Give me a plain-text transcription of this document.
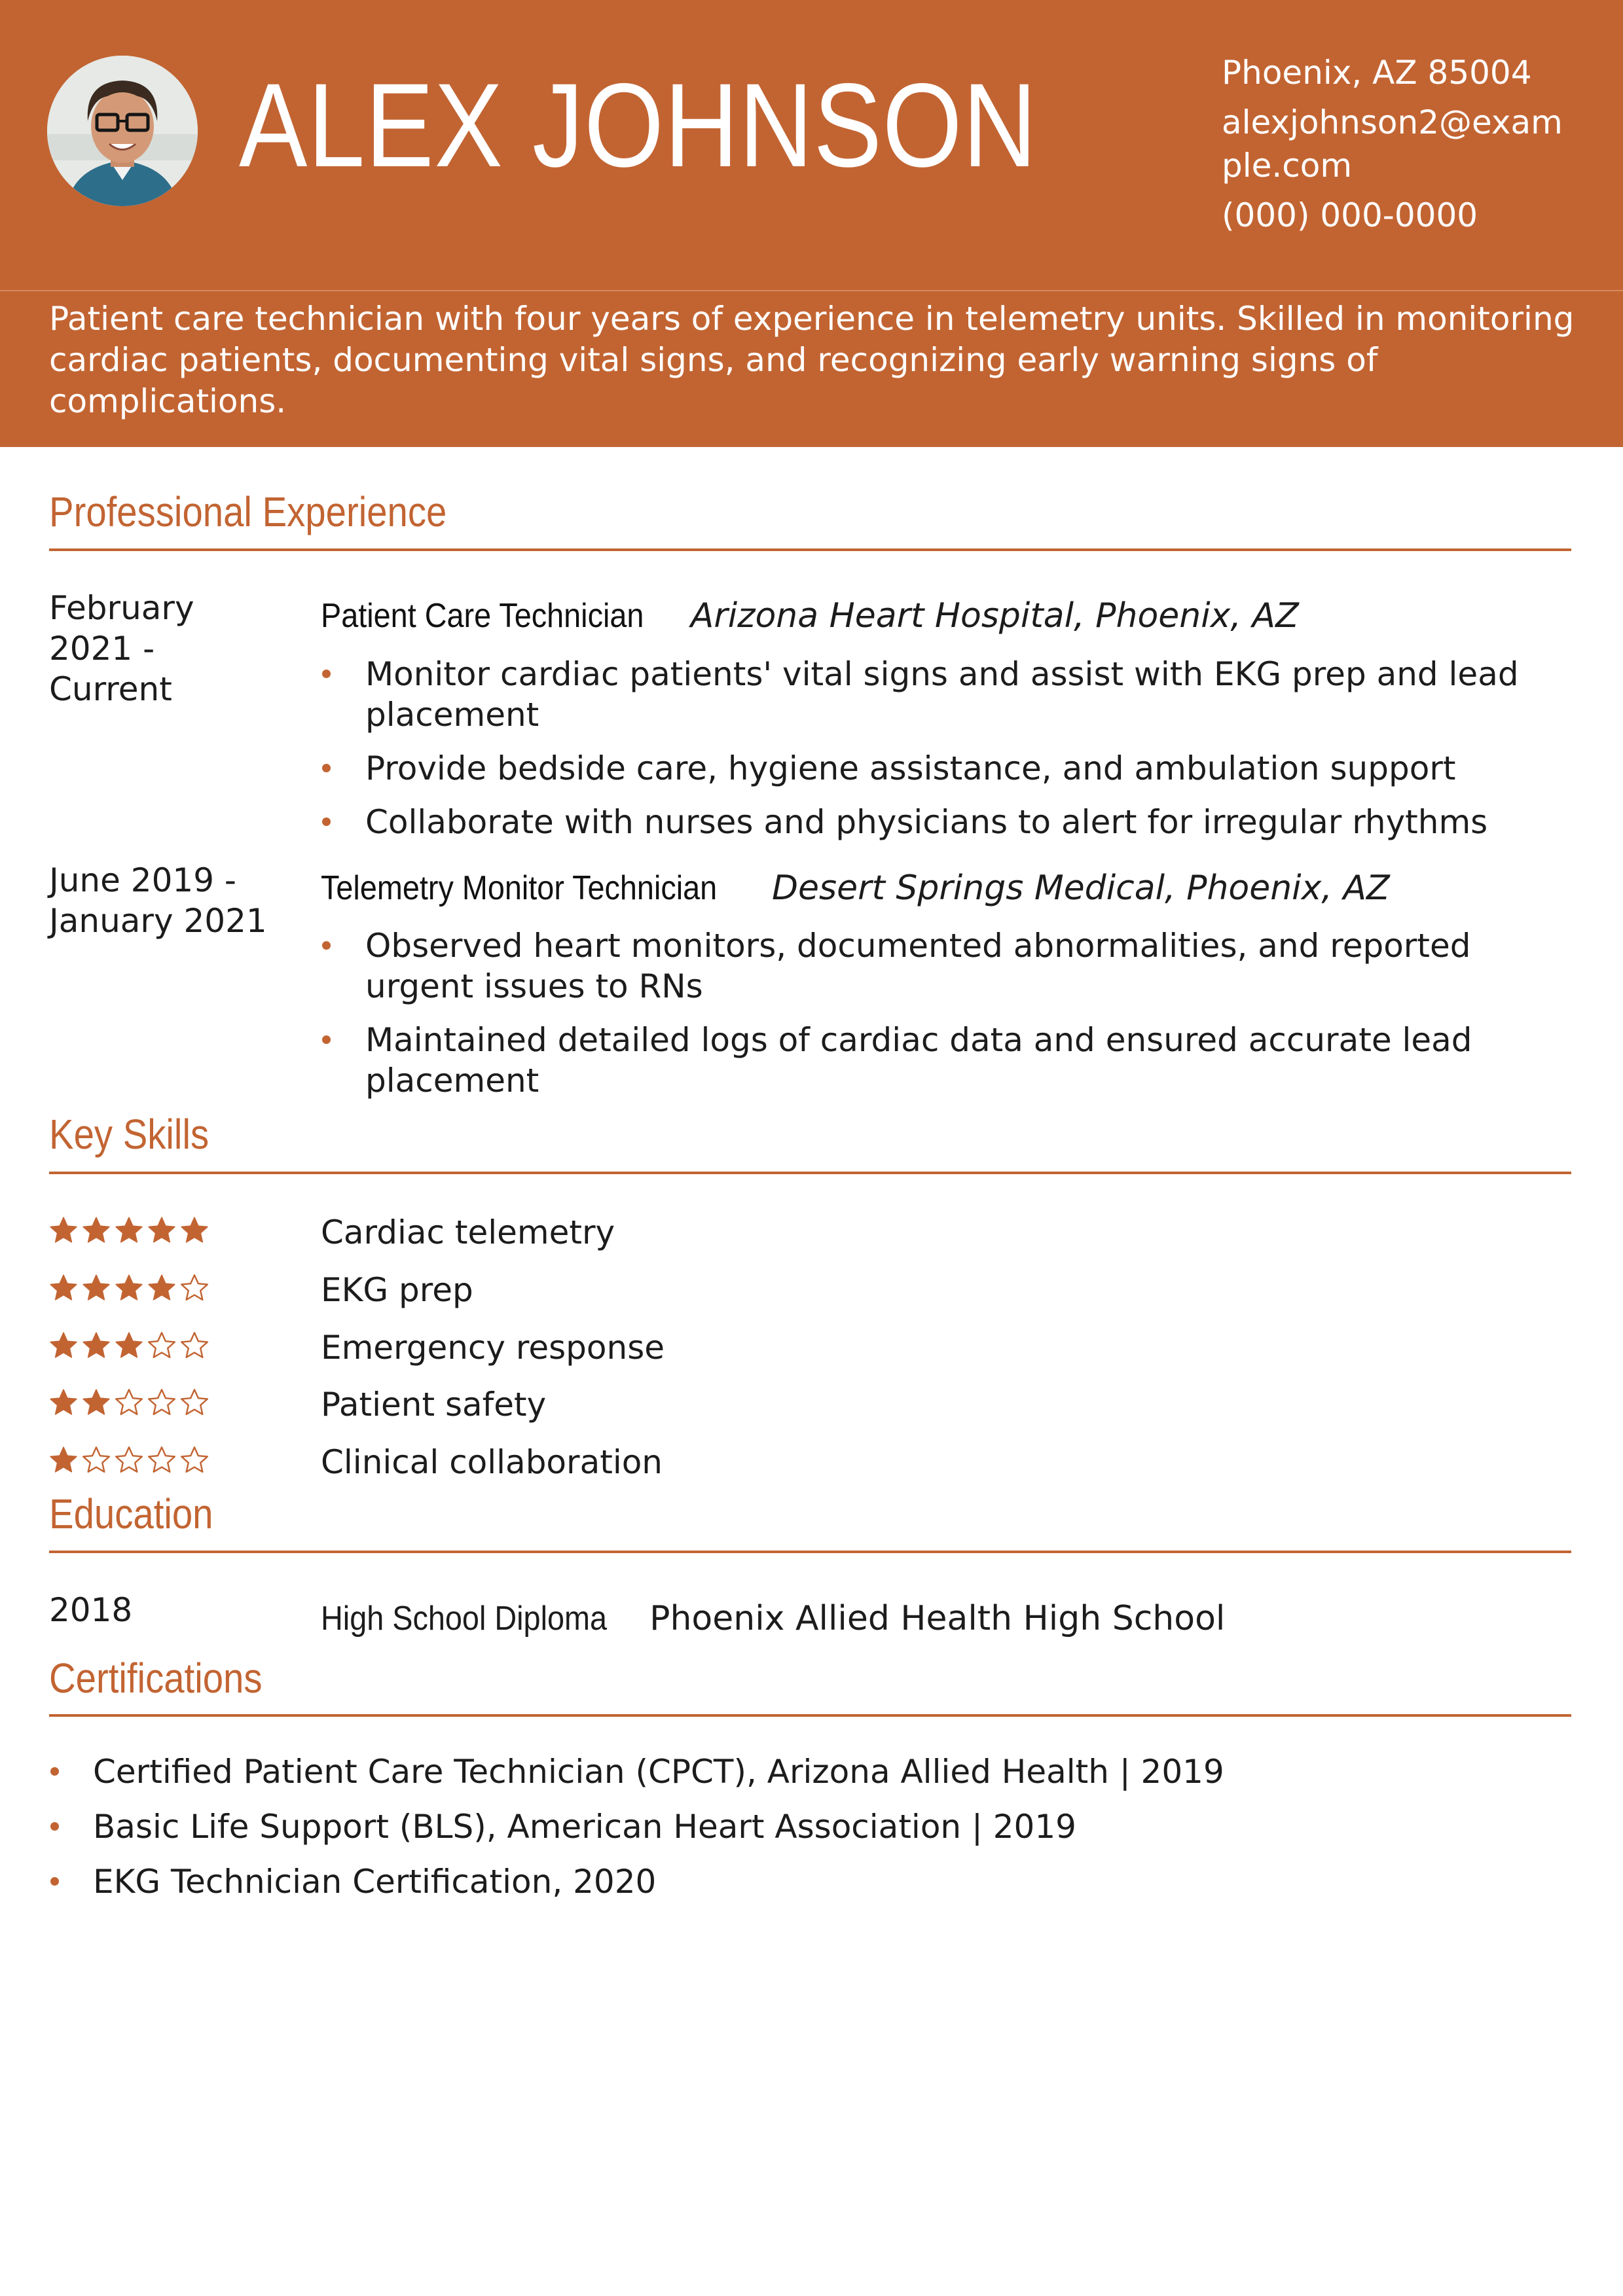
ALEX JOHNSON	Phoenix, AZ 85004
alexjohnson2@exam
ple.com
(000) 000-0000
Patient care technician with four years of experience in telemetry units. Skilled in monitoring cardiac patients, documenting vital signs, and recognizing early warning signs of complications.
Professional Experience
February
2021 -
Current
Patient Care Technician Arizona Heart Hospital, Phoenix, AZ
Monitor cardiac patients' vital signs and assist with EKG prep and lead placement
Provide bedside care, hygiene assistance, and ambulation support
Collaborate with nurses and physicians to alert for irregular rhythms
June 2019 -
January 2021
Telemetry Monitor Technician Desert Springs Medical, Phoenix, AZ
Observed heart monitors, documented abnormalities, and reported urgent issues to RNs
Maintained detailed logs of cardiac data and ensured accurate lead placement
Key Skills
Cardiac telemetry
EKG prep
Emergency response
Patient safety
Clinical collaboration
Education
2018	High School Diploma Phoenix Allied Health High School
Certifications
Certified Patient Care Technician (CPCT), Arizona Allied Health | 2019
Basic Life Support (BLS), American Heart Association | 2019
EKG Technician Certification, 2020
